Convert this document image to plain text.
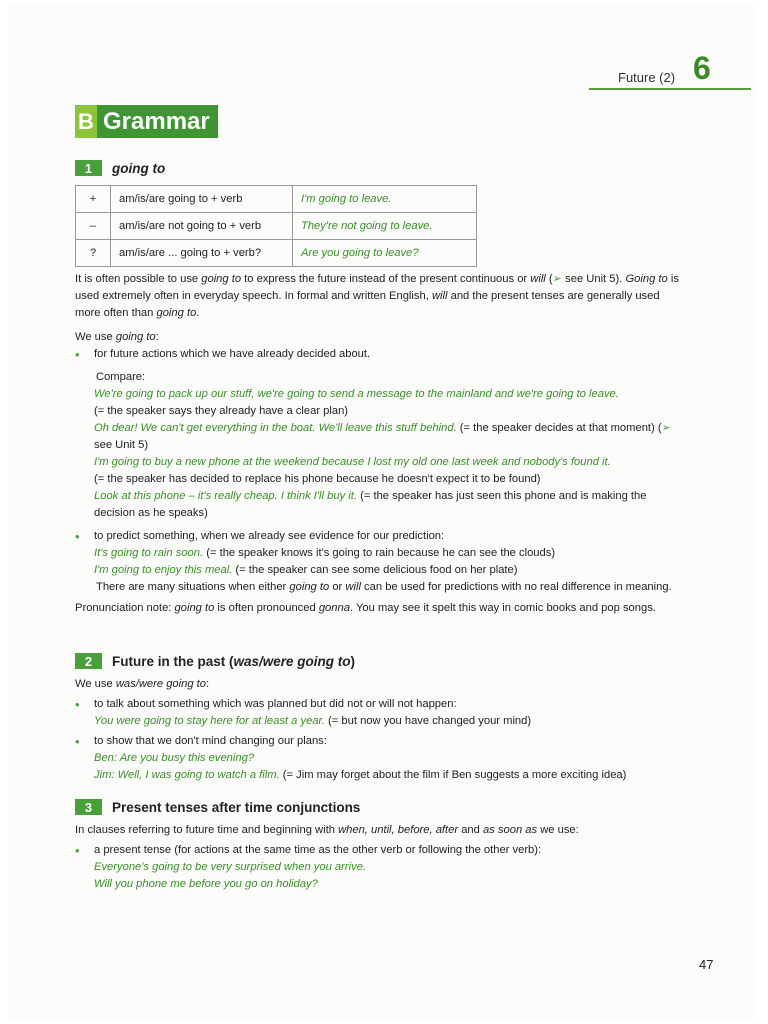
Future (2) 6
B Grammar
1	going to
+	am/is/are going to + verb	I'm going to leave.
–	am/is/are not going to + verb	They're not going to leave.
?	am/is/are ... going to + verb?	Are you going to leave?

It is often possible to use going to to express the future instead of the present continuous or will (➢ see Unit 5). Going to is used extremely often in everyday speech. In formal and written English, will and the present tenses are generally used more often than going to.

We use going to:

• for future actions which we have already decided about.

Compare:

We're going to pack up our stuff, we're going to send a message to the mainland and we're going to leave.

(= the speaker says they already have a clear plan)

Oh dear! We can't get everything in the boat. We'll leave this stuff behind. (= the speaker decides at that moment) (➢ see Unit 5)

I'm going to buy a new phone at the weekend because I lost my old one last week and nobody's found it.

(= the speaker has decided to replace his phone because he doesn't expect it to be found)

Look at this phone – it's really cheap. I think I'll buy it. (= the speaker has just seen this phone and is making the decision as he speaks)

• to predict something, when we already see evidence for our prediction:

It's going to rain soon. (= the speaker knows it's going to rain because he can see the clouds)

I'm going to enjoy this meal. (= the speaker can see some delicious food on her plate)

There are many situations when either going to or will can be used for predictions with no real difference in meaning.

Pronunciation note: going to is often pronounced gonna. You may see it spelt this way in comic books and pop songs.

2	Future in the past (was/were going to)

We use was/were going to:

• to talk about something which was planned but did not or will not happen:

You were going to stay here for at least a year. (= but now you have changed your mind)

• to show that we don't mind changing our plans:

Ben: Are you busy this evening?

Jim: Well, I was going to watch a film. (= Jim may forget about the film if Ben suggests a more exciting idea)

3	Present tenses after time conjunctions

In clauses referring to future time and beginning with when, until, before, after and as soon as we use:

• a present tense (for actions at the same time as the other verb or following the other verb):

Everyone's going to be very surprised when you arrive.

Will you phone me before you go on holiday?

47
